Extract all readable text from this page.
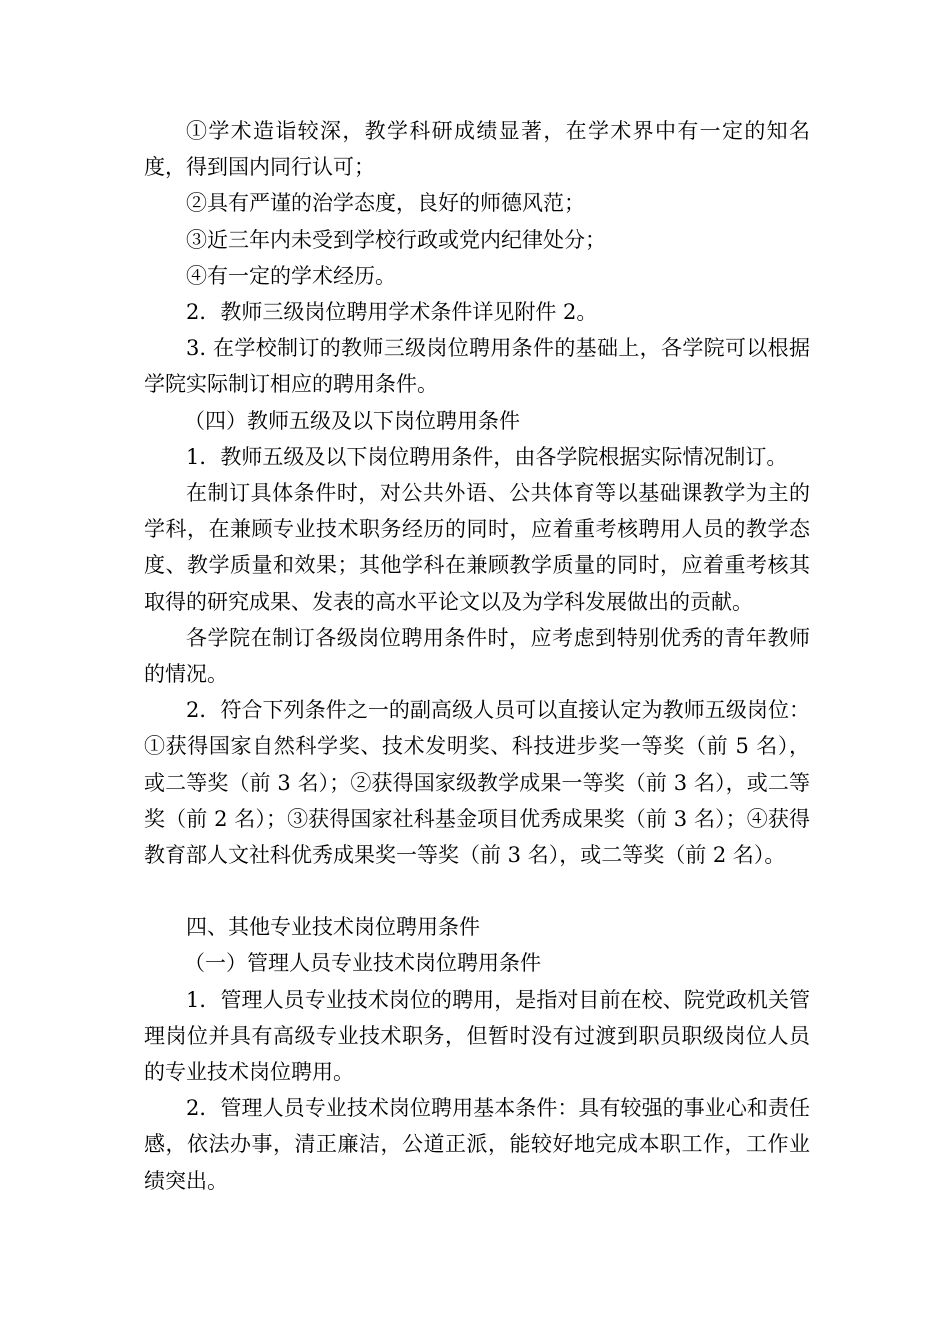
①学术造诣较深，教学科研成绩显著，在学术界中有一定的知名度，得到国内同行认可；

②具有严谨的治学态度，良好的师德风范；

③近三年内未受到学校行政或党内纪律处分；

④有一定的学术经历。

2．教师三级岗位聘用学术条件详见附件 2。

3. 在学校制订的教师三级岗位聘用条件的基础上，各学院可以根据学院实际制订相应的聘用条件。

（四）教师五级及以下岗位聘用条件

1．教师五级及以下岗位聘用条件，由各学院根据实际情况制订。

在制订具体条件时，对公共外语、公共体育等以基础课教学为主的学科，在兼顾专业技术职务经历的同时，应着重考核聘用人员的教学态度、教学质量和效果；其他学科在兼顾教学质量的同时，应着重考核其取得的研究成果、发表的高水平论文以及为学科发展做出的贡献。

各学院在制订各级岗位聘用条件时，应考虑到特别优秀的青年教师的情况。

2．符合下列条件之一的副高级人员可以直接认定为教师五级岗位：①获得国家自然科学奖、技术发明奖、科技进步奖一等奖（前 5 名），或二等奖（前 3 名）；②获得国家级教学成果一等奖（前 3 名），或二等奖（前 2 名）；③获得国家社科基金项目优秀成果奖（前 3 名）；④获得教育部人文社科优秀成果奖一等奖（前 3 名），或二等奖（前 2 名）。

四、其他专业技术岗位聘用条件

（一）管理人员专业技术岗位聘用条件

1．管理人员专业技术岗位的聘用，是指对目前在校、院党政机关管理岗位并具有高级专业技术职务，但暂时没有过渡到职员职级岗位人员的专业技术岗位聘用。

2．管理人员专业技术岗位聘用基本条件：具有较强的事业心和责任感，依法办事，清正廉洁，公道正派，能较好地完成本职工作，工作业绩突出。
